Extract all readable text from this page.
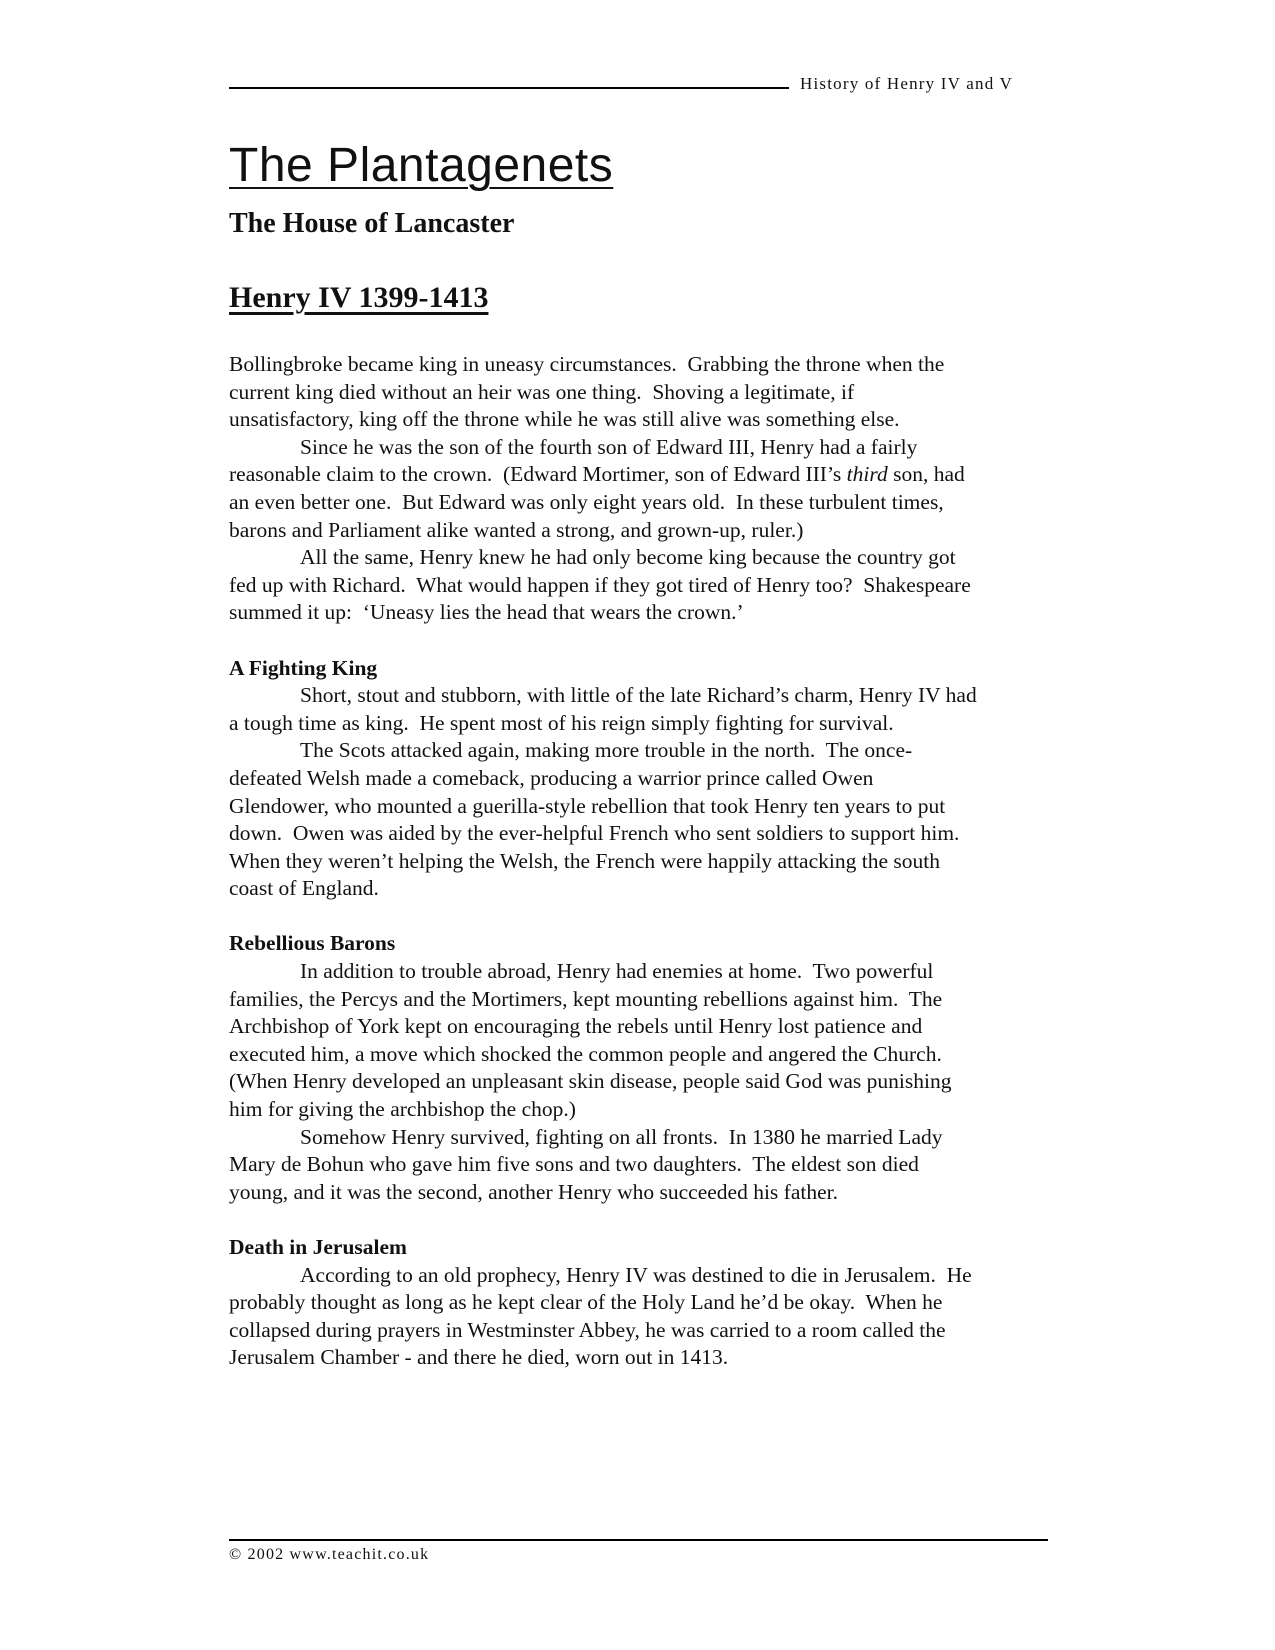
History of Henry IV and V
The Plantagenets
The House of Lancaster
Henry IV 1399-1413
Bollingbroke became king in uneasy circumstances.  Grabbing the throne when the
current king died without an heir was one thing.  Shoving a legitimate, if
unsatisfactory, king off the throne while he was still alive was something else.
Since he was the son of the fourth son of Edward III, Henry had a fairly
reasonable claim to the crown.  (Edward Mortimer, son of Edward III’s third son, had
an even better one.  But Edward was only eight years old.  In these turbulent times,
barons and Parliament alike wanted a strong, and grown-up, ruler.)
All the same, Henry knew he had only become king because the country got
fed up with Richard.  What would happen if they got tired of Henry too?  Shakespeare
summed it up:  ‘Uneasy lies the head that wears the crown.’
A Fighting King
Short, stout and stubborn, with little of the late Richard’s charm, Henry IV had
a tough time as king.  He spent most of his reign simply fighting for survival.
The Scots attacked again, making more trouble in the north.  The once-
defeated Welsh made a comeback, producing a warrior prince called Owen
Glendower, who mounted a guerilla-style rebellion that took Henry ten years to put
down.  Owen was aided by the ever-helpful French who sent soldiers to support him.
When they weren’t helping the Welsh, the French were happily attacking the south
coast of England.
Rebellious Barons
In addition to trouble abroad, Henry had enemies at home.  Two powerful
families, the Percys and the Mortimers, kept mounting rebellions against him.  The
Archbishop of York kept on encouraging the rebels until Henry lost patience and
executed him, a move which shocked the common people and angered the Church.
(When Henry developed an unpleasant skin disease, people said God was punishing
him for giving the archbishop the chop.)
Somehow Henry survived, fighting on all fronts.  In 1380 he married Lady
Mary de Bohun who gave him five sons and two daughters.  The eldest son died
young, and it was the second, another Henry who succeeded his father.
Death in Jerusalem
According to an old prophecy, Henry IV was destined to die in Jerusalem.  He
probably thought as long as he kept clear of the Holy Land he’d be okay.  When he
collapsed during prayers in Westminster Abbey, he was carried to a room called the
Jerusalem Chamber - and there he died, worn out in 1413.
© 2002 www.teachit.co.uk
